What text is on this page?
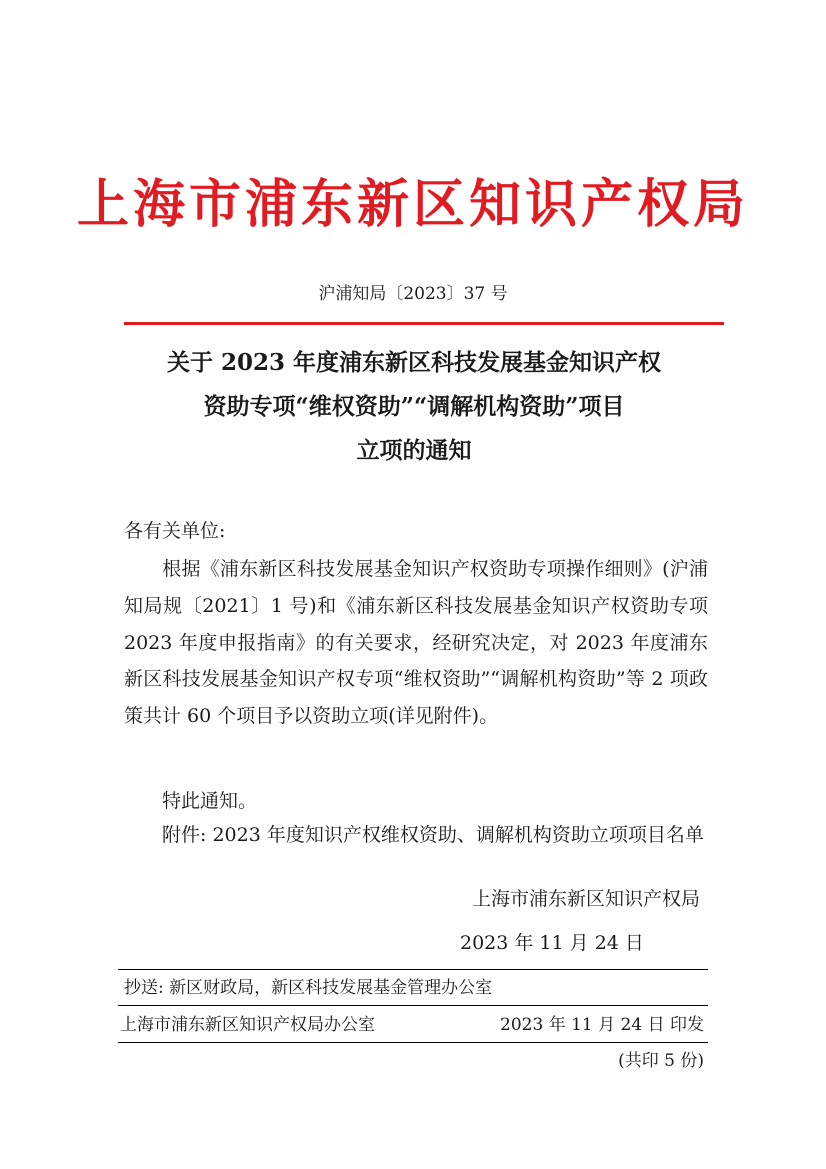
上海市浦东新区知识产权局
沪浦知局〔2023〕37 号
关于 2023 年度浦东新区科技发展基金知识产权
资助专项“维权资助”“调解机构资助”项目
立项的通知
各有关单位:
根据《浦东新区科技发展基金知识产权资助专项操作细则》(沪浦知局规〔2021〕1 号)和《浦东新区科技发展基金知识产权资助专项 2023 年度申报指南》的有关要求，经研究决定，对 2023 年度浦东新区科技发展基金知识产权专项“维权资助”“调解机构资助”等 2 项政策共计 60 个项目予以资助立项(详见附件)。
特此通知。
附件: 2023 年度知识产权维权资助、调解机构资助立项项目名单
上海市浦东新区知识产权局
2023 年 11 月 24 日
抄送: 新区财政局，新区科技发展基金管理办公室
上海市浦东新区知识产权局办公室	2023 年 11 月 24 日 印发
(共印 5 份)
